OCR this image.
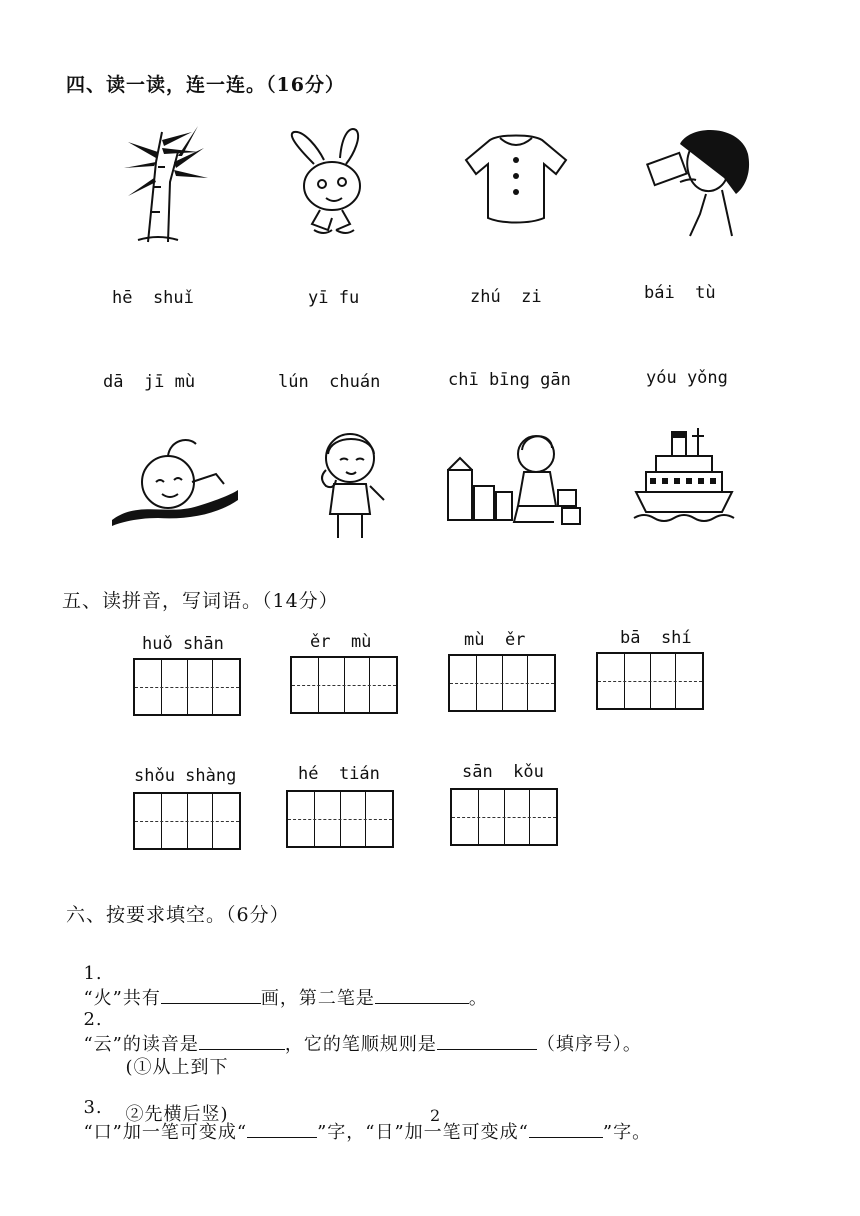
四、读一读，连一连。（16分）
hē  shuǐ	yī fu	zhú  zi	bái  tù
dā  jī mù	lún  chuán	chī bīng gān	yóu yǒng
五、读拼音，写词语。（14分）
huǒ shān	ěr  mù	mù  ěr	bā  shí
shǒu shàng	hé  tián	sān  kǒu
六、按要求填空。（6分）

1.
“火”共有	画，第二笔是	。

2.
“云”的读音是	，它的笔顺规则是	（填序号）。

(①从上到下

②先横后竖)

3.
“口”加一笔可变成“	”字，“日”加一笔可变成“	”字。

2
